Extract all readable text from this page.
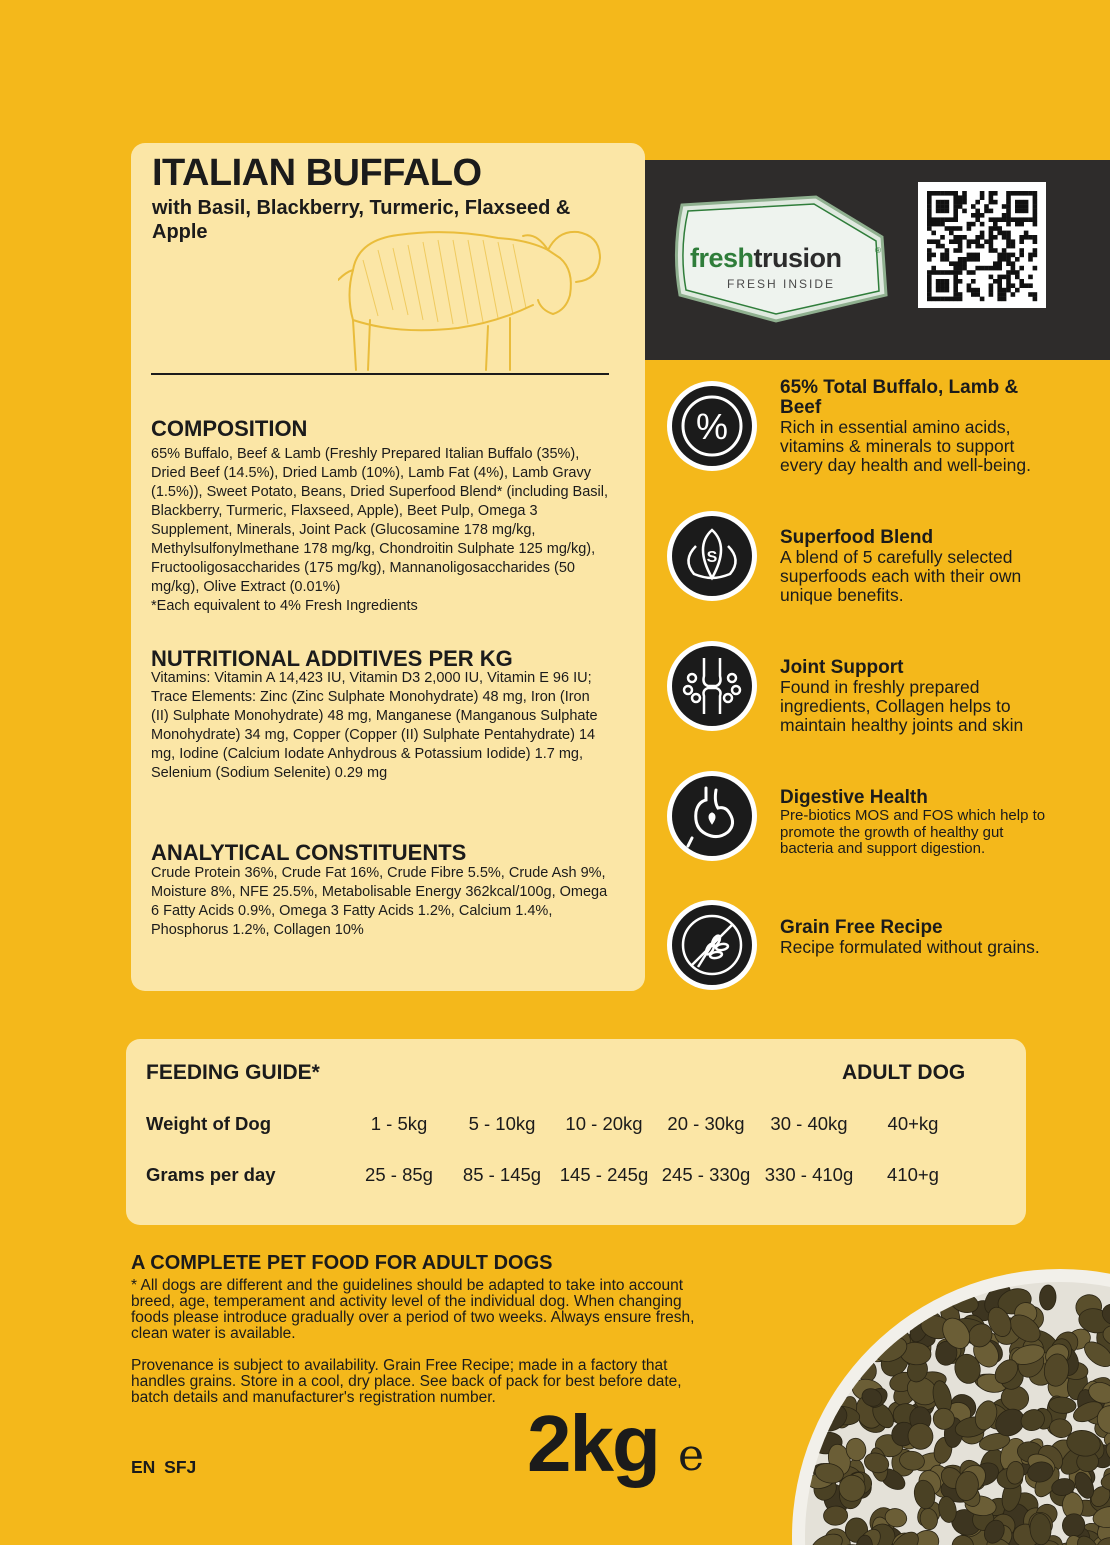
ITALIAN BUFFALO
with Basil, Blackberry, Turmeric, Flaxseed & Apple
COMPOSITION
65% Buffalo, Beef & Lamb (Freshly Prepared Italian Buffalo (35%), Dried Beef (14.5%), Dried Lamb (10%), Lamb Fat (4%), Lamb Gravy (1.5%)), Sweet Potato, Beans, Dried Superfood Blend* (including Basil, Blackberry, Turmeric, Flaxseed, Apple), Beet Pulp, Omega 3 Supplement, Minerals, Joint Pack (Glucosamine 178 mg/kg, Methylsulfonylmethane 178 mg/kg, Chondroitin Sulphate 125 mg/kg), Fructooligosaccharides (175 mg/kg), Mannanoligosaccharides (50 mg/kg), Olive Extract (0.01%)
*Each equivalent to 4% Fresh Ingredients
NUTRITIONAL ADDITIVES PER KG
Vitamins: Vitamin A 14,423 IU, Vitamin D3 2,000 IU, Vitamin E 96 IU; Trace Elements: Zinc (Zinc Sulphate Monohydrate) 48 mg, Iron (Iron (II) Sulphate Monohydrate) 48 mg, Manganese (Manganous Sulphate Monohydrate) 34 mg, Copper (Copper (II) Sulphate Pentahydrate) 14 mg, Iodine (Calcium Iodate Anhydrous & Potassium Iodide) 1.7 mg, Selenium (Sodium Selenite) 0.29 mg
ANALYTICAL CONSTITUENTS
Crude Protein 36%, Crude Fat 16%, Crude Fibre 5.5%, Crude Ash 9%, Moisture 8%, NFE 25.5%, Metabolisable Energy 362kcal/100g, Omega 6 Fatty Acids 0.9%, Omega 3 Fatty Acids 1.2%, Calcium 1.4%, Phosphorus 1.2%, Collagen 10%
freshtrusion	®
FRESH INSIDE
%
65% Total Buffalo, Lamb & Beef
Rich in essential amino acids, vitamins & minerals to support every day health and well-being.
S
Superfood Blend
A blend of 5 carefully selected superfoods each with their own unique benefits.
Joint Support
Found in freshly prepared ingredients, Collagen helps to maintain healthy joints and skin
Digestive Health
Pre-biotics MOS and FOS which help to promote the growth of healthy gut bacteria and support digestion.
Grain Free Recipe
Recipe formulated without grains.
FEEDING GUIDE*	ADULT DOG
Weight of Dog	1 - 5kg	5 - 10kg	10 - 20kg	20 - 30kg	30 - 40kg	40+kg
Grams per day	25 - 85g	85 - 145g	145 - 245g 245 - 330g 330 - 410g	410+g
A COMPLETE PET FOOD FOR ADULT DOGS
* All dogs are different and the guidelines should be adapted to take into account breed, age, temperament and activity level of the individual dog. When changing foods please introduce gradually over a period of two weeks. Always ensure fresh, clean water is available.
Provenance is subject to availability. Grain Free Recipe; made in a factory that handles grains. Store in a cool, dry place. See back of pack for best before date, batch details and manufacturer's registration number.
EN SFJ	2kg e
